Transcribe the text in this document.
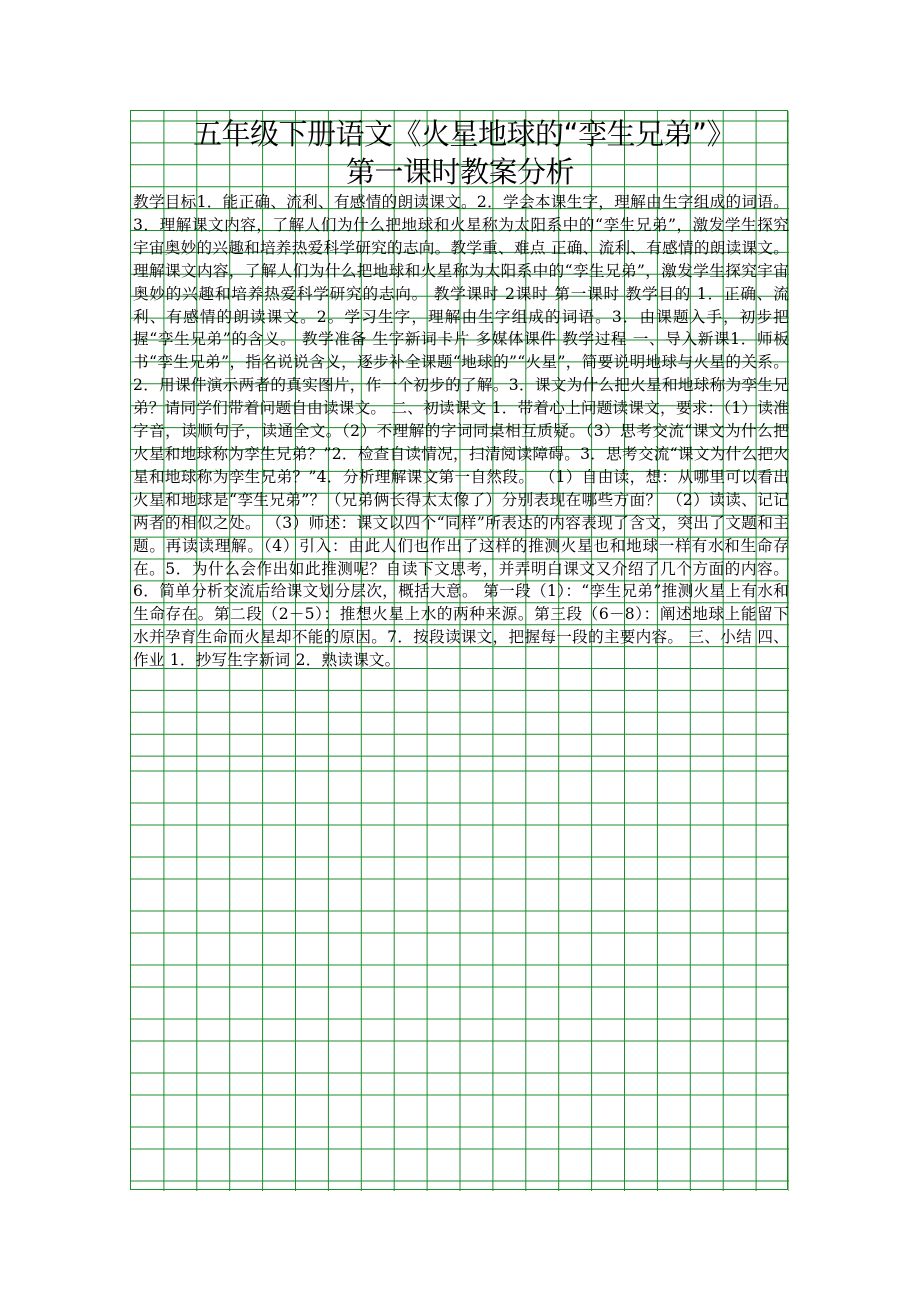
五年级下册语文《火星地球的“孪生兄弟”》
第一课时教案分析

教学目标1．能正确、流利、有感情的朗读课文。2．学会本课生字，理解由生字组成的词语。3．理解课文内容，了解人们为什么把地球和火星称为太阳系中的“孪生兄弟”，激发学生探究宇宙奥妙的兴趣和培养热爱科学研究的志向。教学重、难点 正确、流利、有感情的朗读课文。理解课文内容，了解人们为什么把地球和火星称为太阳系中的“孪生兄弟”，激发学生探究宇宙奥妙的兴趣和培养热爱科学研究的志向。 教学课时 2课时 第一课时 教学目的 1．正确、流利、有感情的朗读课文。2。学习生字，理解由生字组成的词语。3．由课题入手，初步把握“孪生兄弟”的含义。 教学准备 生字新词卡片 多媒体课件 教学过程 一、导入新课1．师板书“孪生兄弟”，指名说说含义，逐步补全课题“地球的”“火星”，简要说明地球与火星的关系。 2．用课件演示两者的真实图片，作一个初步的了解。3．课文为什么把火星和地球称为孪生兄弟？请同学们带着问题自由读课文。 二、初读课文 1．带着心上问题读课文，要求：（1）读准字音，读顺句子，读通全文。（2）不理解的字词同桌相互质疑。（3）思考交流“课文为什么把火星和地球称为孪生兄弟？”2．检查自读情况，扫清阅读障碍。3．思考交流“课文为什么把火星和地球称为孪生兄弟？”4．分析理解课文第一自然段。 （1）自由读，想：从哪里可以看出火星和地球是“孪生兄弟”？（兄弟俩长得太太像了）分别表现在哪些方面？ （2）读读、记记两者的相似之处。 （3）师述：课文以四个“同样”所表达的内容表现了含文，突出了文题和主题。再读读理解。（4）引入：由此人们也作出了这样的推测火星也和地球一样有水和生命存在。5．为什么会作出如此推测呢？自读下文思考，并弄明白课文又介绍了几个方面的内容。6．简单分析交流后给课文划分层次，概括大意。 第一段（1）：“孪生兄弟”推测火星上有水和生命存在。第二段（2－5）：推想火星上水的两种来源。第三段（6－8）：阐述地球上能留下水并孕育生命而火星却不能的原因。7．按段读课文，把握每一段的主要内容。 三、小结 四、作业 1．抄写生字新词 2．熟读课文。
